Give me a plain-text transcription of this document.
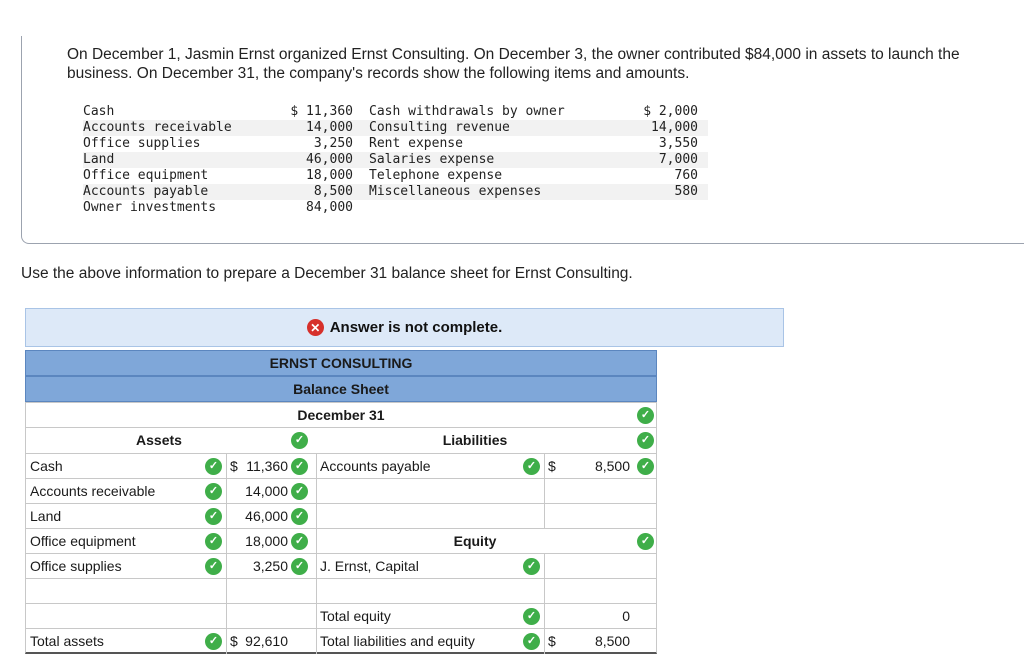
On December 1, Jasmin Ernst organized Ernst Consulting. On December 3, the owner contributed $84,000 in assets to launch the business. On December 31, the company's records show the following items and amounts.

Cash	$ 11,360	Cash withdrawals by owner	$ 2,000
Accounts receivable	14,000	Consulting revenue	14,000
Office supplies	3,250	Rent expense	3,550
Land	46,000	Salaries expense	7,000
Office equipment	18,000	Telephone expense	760
Accounts payable	8,500	Miscellaneous expenses	580
Owner investments	84,000		

Use the above information to prepare a December 31 balance sheet for Ernst Consulting.

✕ Answer is not complete.
ERNST CONSULTING
Balance Sheet
December 31	✓
Assets	✓	Liabilities	✓
Cash	✓ $ 11,360 ✓ Accounts payable	✓ $	8,500 ✓
Accounts receivable	✓	14,000 ✓
Land	✓	46,000 ✓
Office equipment	✓	18,000 ✓	Equity	✓
Office supplies	✓	3,250 ✓ J. Ernst, Capital	✓
Total equity	✓	0
Total assets	✓ $ 92,610 Total liabilities and equity	✓ $	8,500
